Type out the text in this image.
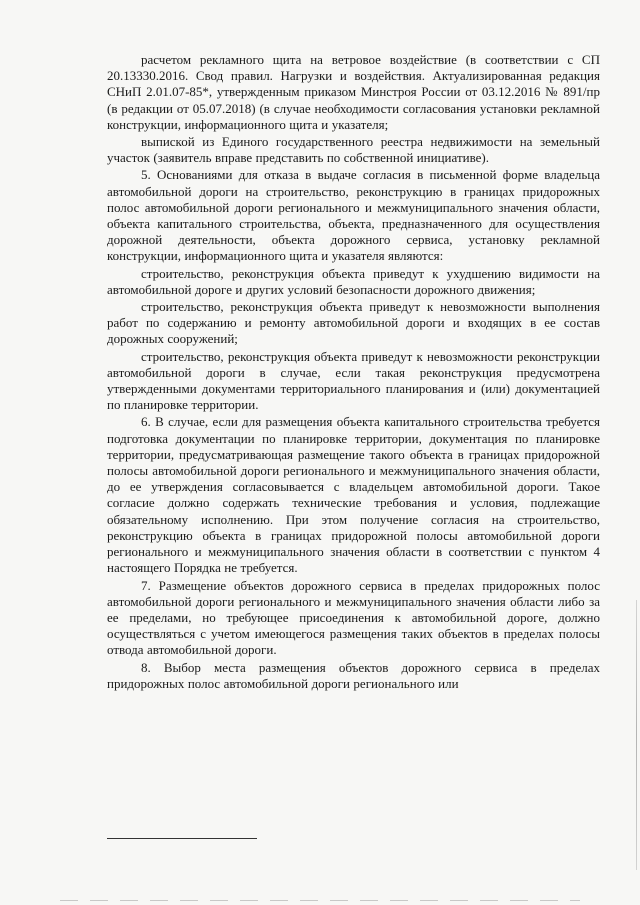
расчетом рекламного щита на ветровое воздействие (в соответствии с СП 20.13330.2016. Свод правил. Нагрузки и воздействия. Актуализированная редакция СНиП 2.01.07-85*, утвержденным приказом Минстроя России от 03.12.2016 № 891/пр (в редакции от 05.07.2018) (в случае необходимости согласования установки рекламной конструкции, информационного щита и указателя;

выпиской из Единого государственного реестра недвижимости на земельный участок (заявитель вправе представить по собственной инициативе).

5. Основаниями для отказа в выдаче согласия в письменной форме владельца автомобильной дороги на строительство, реконструкцию в границах придорожных полос автомобильной дороги регионального и межмуниципального значения области, объекта капитального строительства, объекта, предназначенного для осуществления дорожной деятельности, объекта дорожного сервиса, установку рекламной конструкции, информационного щита и указателя являются:

строительство, реконструкция объекта приведут к ухудшению видимости на автомобильной дороге и других условий безопасности дорожного движения;

строительство, реконструкция объекта приведут к невозможности выполнения работ по содержанию и ремонту автомобильной дороги и входящих в ее состав дорожных сооружений;

строительство, реконструкция объекта приведут к невозможности реконструкции автомобильной дороги в случае, если такая реконструкция предусмотрена утвержденными документами территориального планирования и (или) документацией по планировке территории.

6. В случае, если для размещения объекта капитального строительства требуется подготовка документации по планировке территории, документация по планировке территории, предусматривающая размещение такого объекта в границах придорожной полосы автомобильной дороги регионального и межмуниципального значения области, до ее утверждения согласовывается с владельцем автомобильной дороги. Такое согласие должно содержать технические требования и условия, подлежащие обязательному исполнению. При этом получение согласия на строительство, реконструкцию объекта в границах придорожной полосы автомобильной дороги регионального и межмуниципального значения области в соответствии с пунктом 4 настоящего Порядка не требуется.

7. Размещение объектов дорожного сервиса в пределах придорожных полос автомобильной дороги регионального и межмуниципального значения области либо за ее пределами, но требующее присоединения к автомобильной дороге, должно осуществляться с учетом имеющегося размещения таких объектов в пределах полосы отвода автомобильной дороги.

8. Выбор места размещения объектов дорожного сервиса в пределах придорожных полос автомобильной дороги регионального или
